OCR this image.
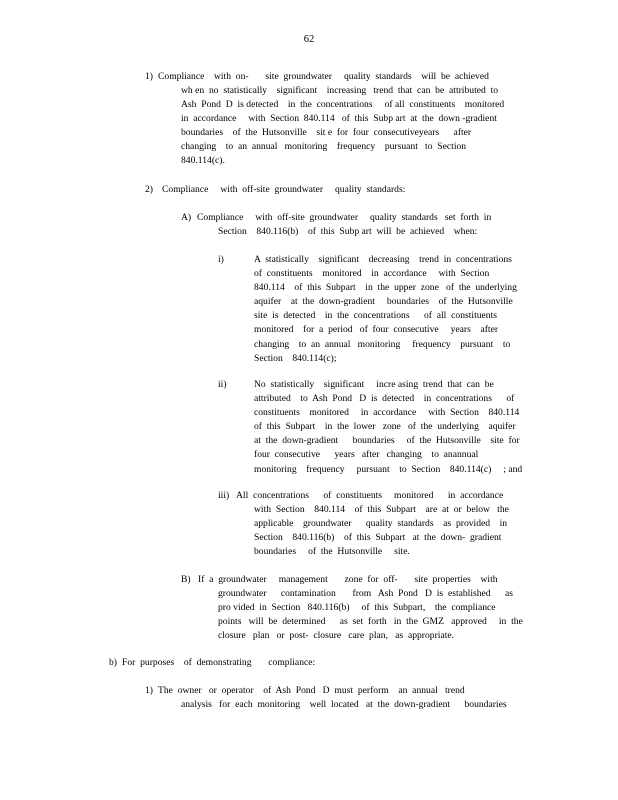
62
1) Compliance    with  on-       site  groundwater     quality  standards    will  be  achieved
wh en  no  statistically    significant    increasing   trend  that  can  be  attributed  to
Ash  Pond  D  is detected    in  the  concentrations     of all  constituents    monitored
in  accordance     with  Section  840.114   of  this  Subp art  at  the  down -gradient
boundaries    of  the  Hutsonville    sit e  for  four  consecutiveyears      after
changing    to  an  annual   monitoring    frequency    pursuant   to  Section
840.114(c).
2) Compliance     with  off-site  groundwater     quality  standards:
A) Compliance     with  off-site  groundwater     quality  standards   set  forth  in
Section    840.116(b)    of  this  Subp art  will  be  achieved    when:
i)	A  statistically    significant    decreasing    trend  in  concentrations
of  constituents    monitored    in  accordance     with  Section
840.114    of  this  Subpart    in  the  upper  zone   of  the  underlying
aquifer    at  the  down-gradient     boundaries    of  the  Hutsonville
site  is  detected    in  the  concentrations      of  all  constituents
monitored    for  a  period   of  four  consecutive     years    after
changing    to  an  annual   monitoring     frequency    pursuant    to
Section    840.114(c);
ii)	No  statistically    significant     incre asing  trend  that  can  be
attributed    to  Ash  Pond   D  is  detected    in  concentrations      of
constituents    monitored     in  accordance     with  Section    840.114
of  this  Subpart    in  the  lower   zone   of  the  underlying    aquifer
at  the  down-gradient      boundaries     of  the  Hutsonville    site  for
four  consecutive      years   after   changing    to  anannual
monitoring    frequency     pursuant    to  Section    840.114(c)     ; and
iii) All  concentrations      of  constituents     monitored      in  accordance
with  Section    840.114    of  this  Subpart    are  at  or  below   the
applicable    groundwater      quality  standards    as  provided    in
Section    840.116(b)    of  this  Subpart   at  the  down-  gradient
boundaries     of  the  Hutsonville     site.
B) If  a  groundwater     management       zone  for  off-       site  properties    with
groundwater      contamination       from   Ash  Pond   D  is  established      as
pro vided  in  Section   840.116(b)     of  this  Subpart,    the  compliance
points   will  be  determined      as  set  forth   in  the  GMZ   approved     in  the
closure   plan   or  post-  closure   care  plan,   as  appropriate.
b) For  purposes    of  demonstrating       compliance:
1) The  owner   or  operator    of  Ash  Pond   D  must  perform    an  annual   trend
analysis   for  each  monitoring    well  located   at  the  down-gradient      boundaries
